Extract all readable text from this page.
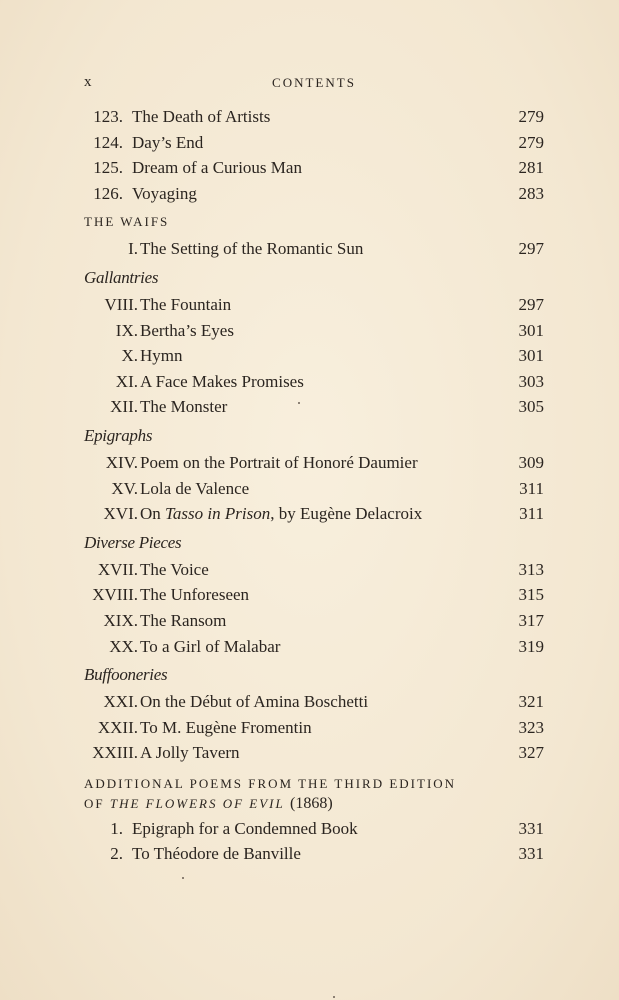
x	CONTENTS
123. The Death of Artists	279
124. Day’s End	279
125. Dream of a Curious Man	281
126. Voyaging	283
THE WAIFS
I. The Setting of the Romantic Sun	297
Gallantries
VIII. The Fountain	297
IX. Bertha’s Eyes	301
X. Hymn	301
XI. A Face Makes Promises	303
XII. The Monster	305
Epigraphs
XIV. Poem on the Portrait of Honoré Daumier	309
XV. Lola de Valence	311
XVI. On Tasso in Prison, by Eugène Delacroix	311
Diverse Pieces
XVII. The Voice	313
XVIII. The Unforeseen	315
XIX. The Ransom	317
XX. To a Girl of Malabar	319
Buffooneries
XXI. On the Début of Amina Boschetti	321
XXII. To M. Eugène Fromentin	323
XXIII. A Jolly Tavern	327
ADDITIONAL POEMS FROM THE THIRD EDITION
OF THE FLOWERS OF EVIL (1868)
1. Epigraph for a Condemned Book	331
2. To Théodore de Banville	331
